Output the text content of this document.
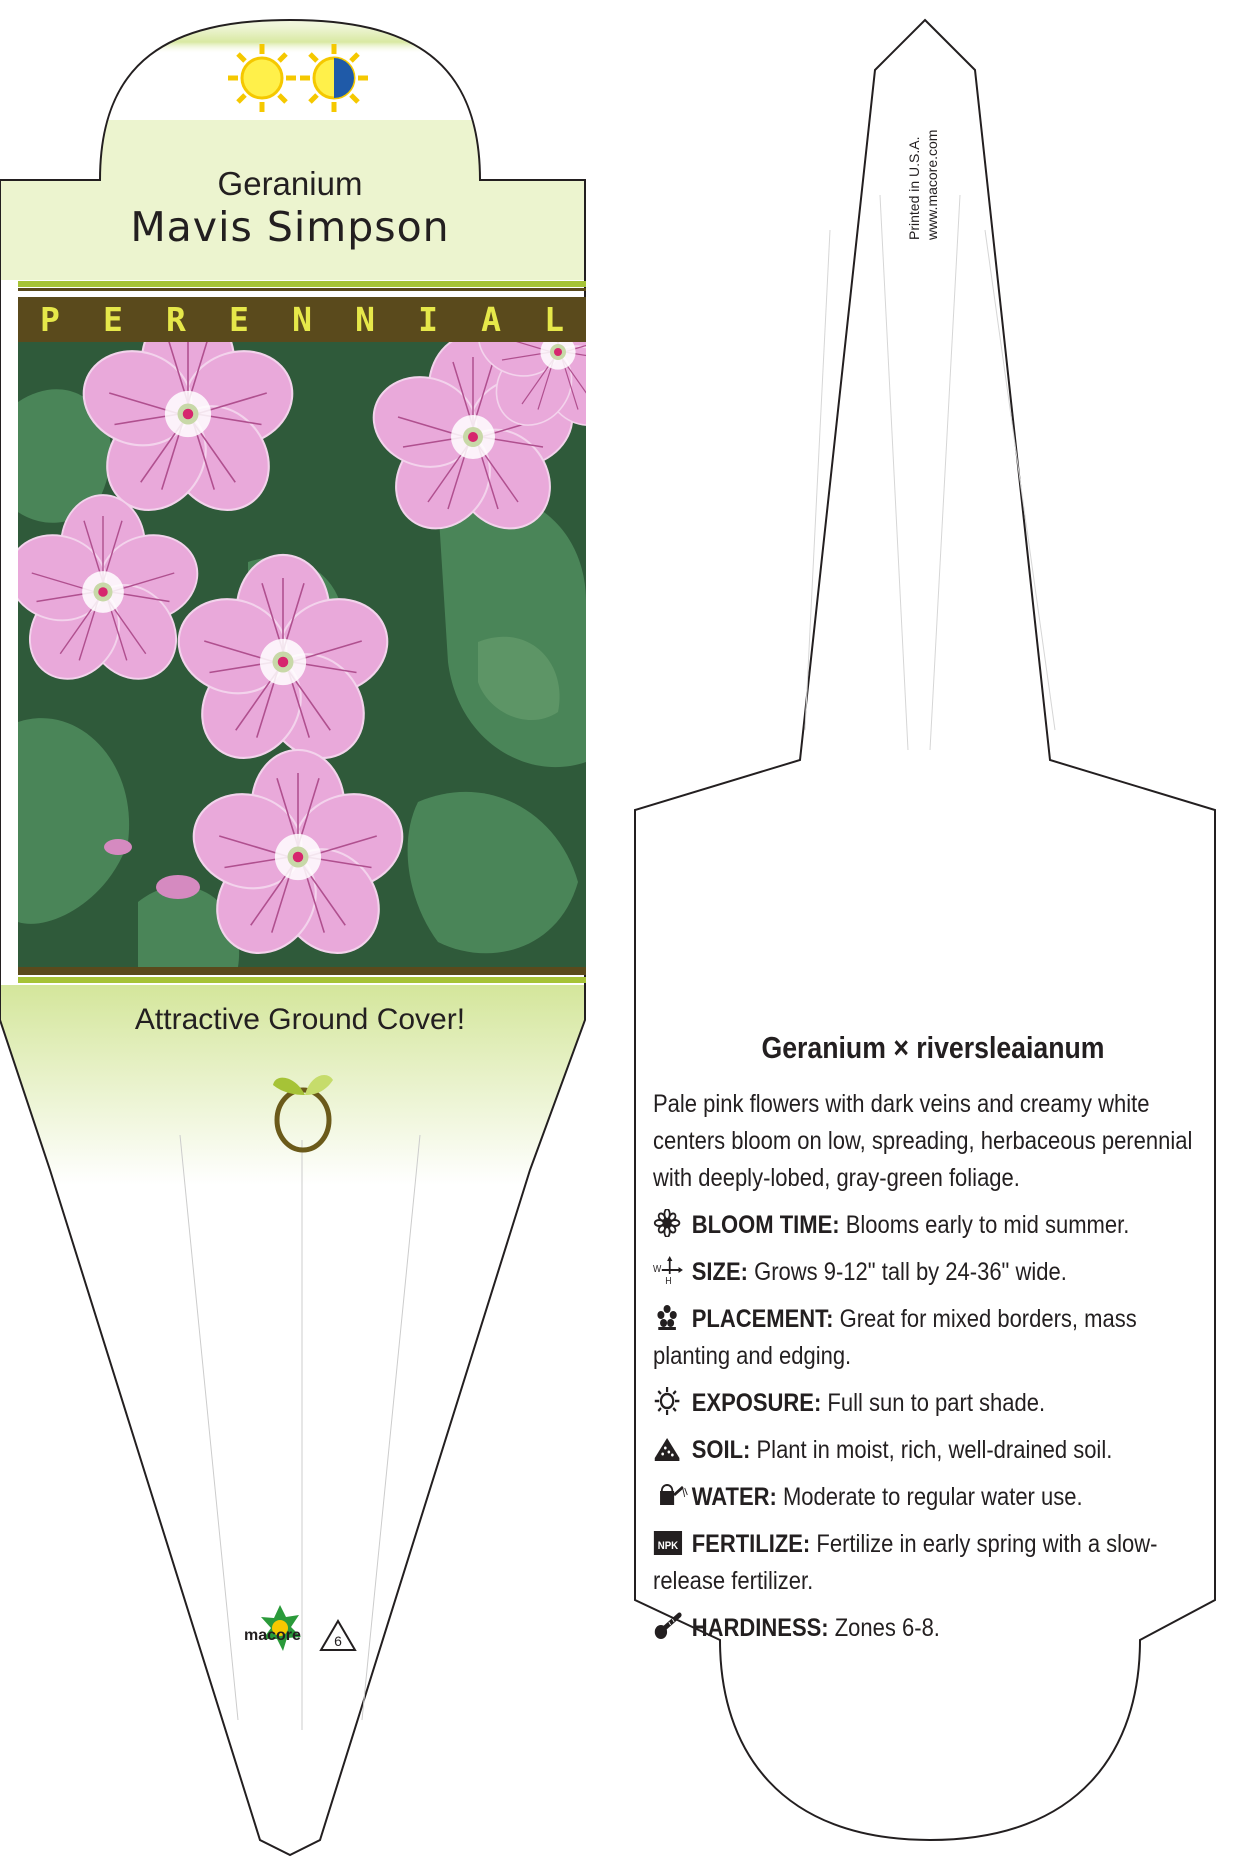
Geranium
Mavis Simpson
P E R E N N I A L
Attractive Ground Cover!
macore 6
Printed in U.S.A. www.macore.com
Geranium × riversleaianum
Pale pink flowers with dark veins and creamy white centers bloom on low, spreading, herbaceous perennial with deeply-lobed, gray-green foliage.
BLOOM TIME: Blooms early to mid summer.
W
H SIZE: Grows 9-12" tall by 24-36" wide.
PLACEMENT: Great for mixed borders, mass planting and edging.
EXPOSURE: Full sun to part shade.
SOIL: Plant in moist, rich, well-drained soil.
WATER: Moderate to regular water use.
NPK FERTILIZE: Fertilize in early spring with a slow-release fertilizer.
HARDINESS: Zones 6-8.
